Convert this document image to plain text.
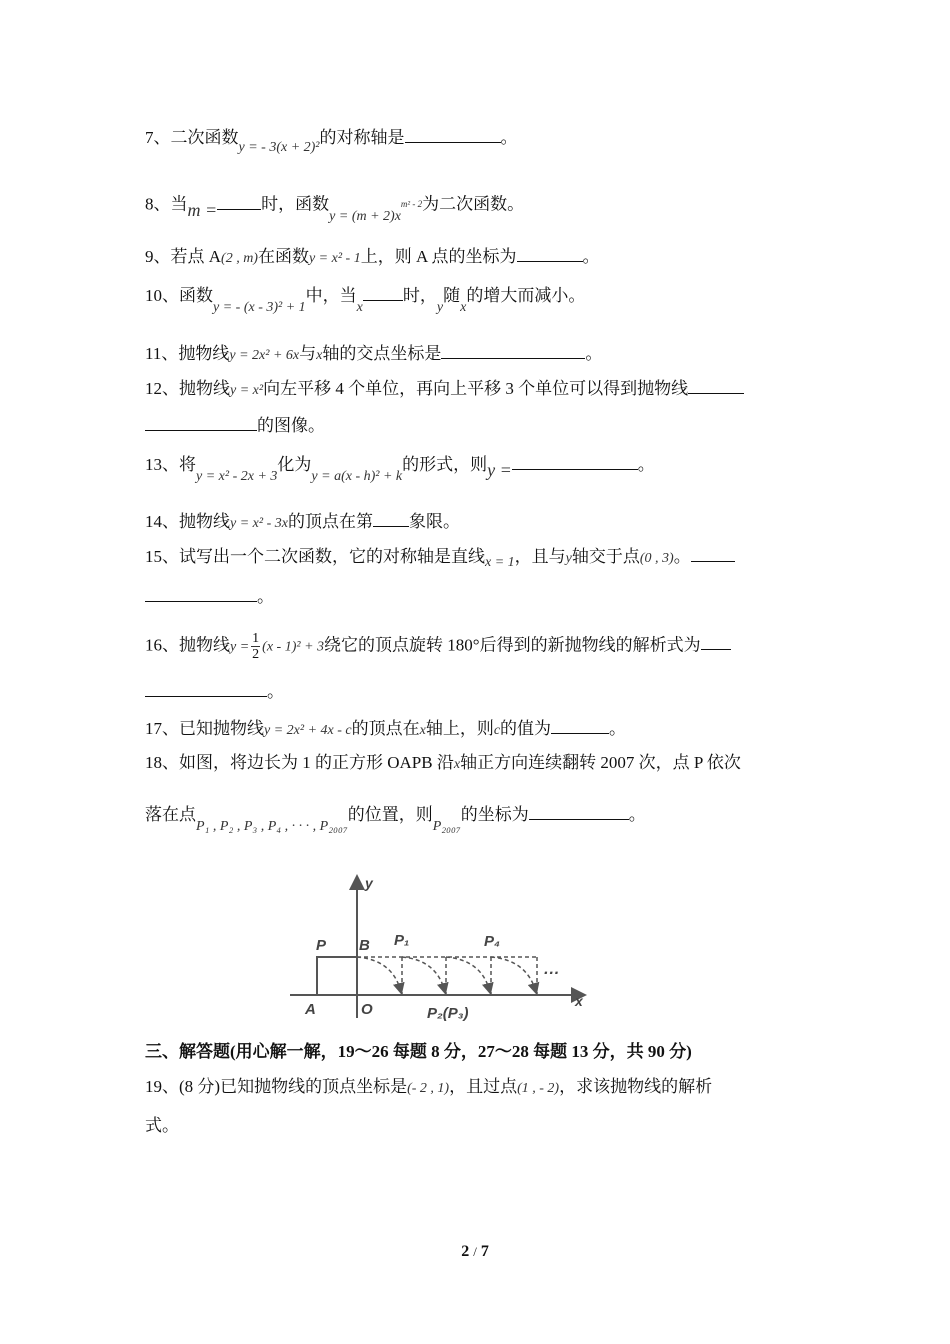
7、二次函数$_{y = - 3(x + 2)^2}$的对称轴是	。
8、当m =	时，函数$_{y = (m + 2)x}^{m^2 - 2}$为二次函数。
9、若点 A(2 , m)在函数y = x² - 1上，则 A 点的坐标为	。
10、函数$_{y = - (x - 3)^2 + 1}$中，当$_x$时，$_y$随$_x$的增大而减小。
11、抛物线y = 2x² + 6x与x轴的交点坐标是	。
12、抛物线y = x²向左平移 4 个单位，再向上平移 3 个单位可以得到抛物线
的图像。
13、将$_{y = x^2 - 2x + 3}$化为$_{y = a(x - h)^2 + k}$的形式，则y =	。
14、抛物线y = x² - 3x的顶点在第 象限。
15、试写出一个二次函数，它的对称轴是直线$_{x = 1}$，且与y轴交于点(0 , 3)。
。
16、抛物线$y = \frac{1}{2} (x - 1)^2 + 3$绕它的顶点旋转 180°后得到的新抛物线的解析式为
。
17、已知抛物线y = 2x² + 4x - c的顶点在x轴上，则c的值为	。
18、如图，将边长为 1 的正方形 OAPB 沿x轴正方向连续翻转 2007 次，点 P 依次
落在点$_{P_1 , P_2 , P_3 , P_4 , \cdot \cdot \cdot , P_{2007}}$的位置，则$_{P_{2007}}$的坐标为	。
y
x
P B
A	O
P₁	P₄
P₂(P₃)
···
三、解答题(用心解一解，19～26 每题 8 分，27～28 每题 13 分，共 90 分)
19、(8 分)已知抛物线的顶点坐标是(- 2 , 1)，且过点(1 , - 2)，求该抛物线的解析
式。
2 / 7
